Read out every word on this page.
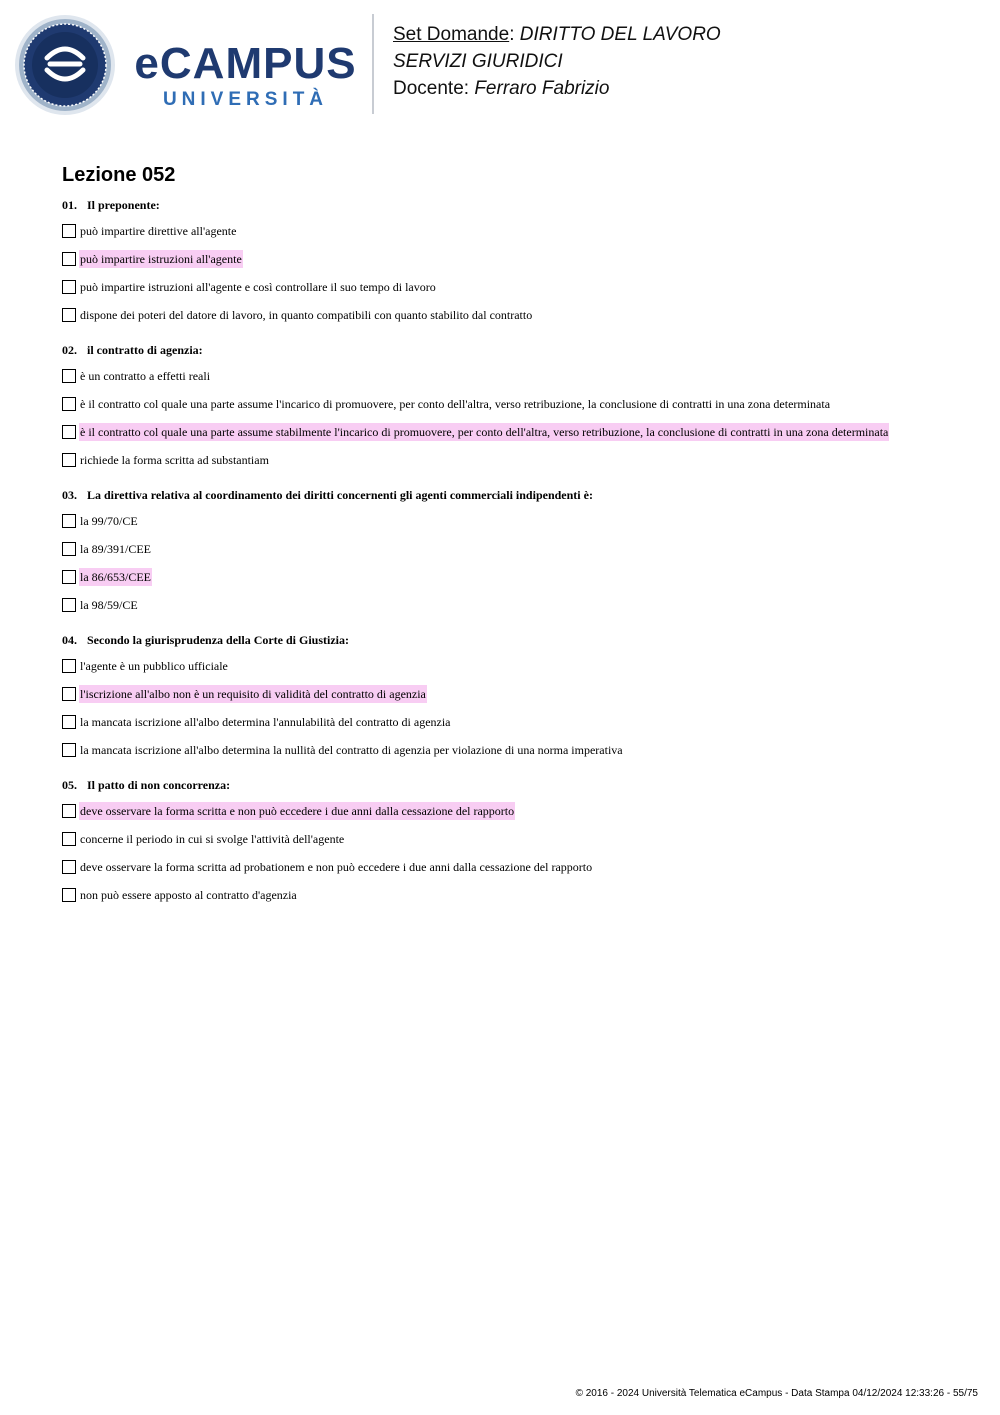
eCAMPUS
UNIVERSITÀ
Set Domande: DIRITTO DEL LAVORO
SERVIZI GIURIDICI
Docente: Ferraro Fabrizio
Lezione 052
01. Il preponente:
può impartire direttive all'agente
può impartire istruzioni all'agente
può impartire istruzioni all'agente e così controllare il suo tempo di lavoro
dispone dei poteri del datore di lavoro, in quanto compatibili con quanto stabilito dal contratto
02. il contratto di agenzia:
è un contratto a effetti reali
è il contratto col quale una parte assume l'incarico di promuovere, per conto dell'altra, verso retribuzione, la conclusione di contratti in una zona determinata
è il contratto col quale una parte assume stabilmente l'incarico di promuovere, per conto dell'altra, verso retribuzione, la conclusione di contratti in una zona determinata
richiede la forma scritta ad substantiam
03. La direttiva relativa al coordinamento dei diritti concernenti gli agenti commerciali indipendenti è:
la 99/70/CE
la 89/391/CEE
la 86/653/CEE
la 98/59/CE
04. Secondo la giurisprudenza della Corte di Giustizia:
l'agente è un pubblico ufficiale
l'iscrizione all'albo non è un requisito di validità del contratto di agenzia
la mancata iscrizione all'albo determina l'annulabilità del contratto di agenzia
la mancata iscrizione all'albo determina la nullità del contratto di agenzia per violazione di una norma imperativa
05. Il patto di non concorrenza:
deve osservare la forma scritta e non può eccedere i due anni dalla cessazione del rapporto
concerne il periodo in cui si svolge l'attività dell'agente
deve osservare la forma scritta ad probationem e non può eccedere i due anni dalla cessazione del rapporto
non può essere apposto al contratto d'agenzia
© 2016 - 2024 Università Telematica eCampus - Data Stampa 04/12/2024 12:33:26 - 55/75
